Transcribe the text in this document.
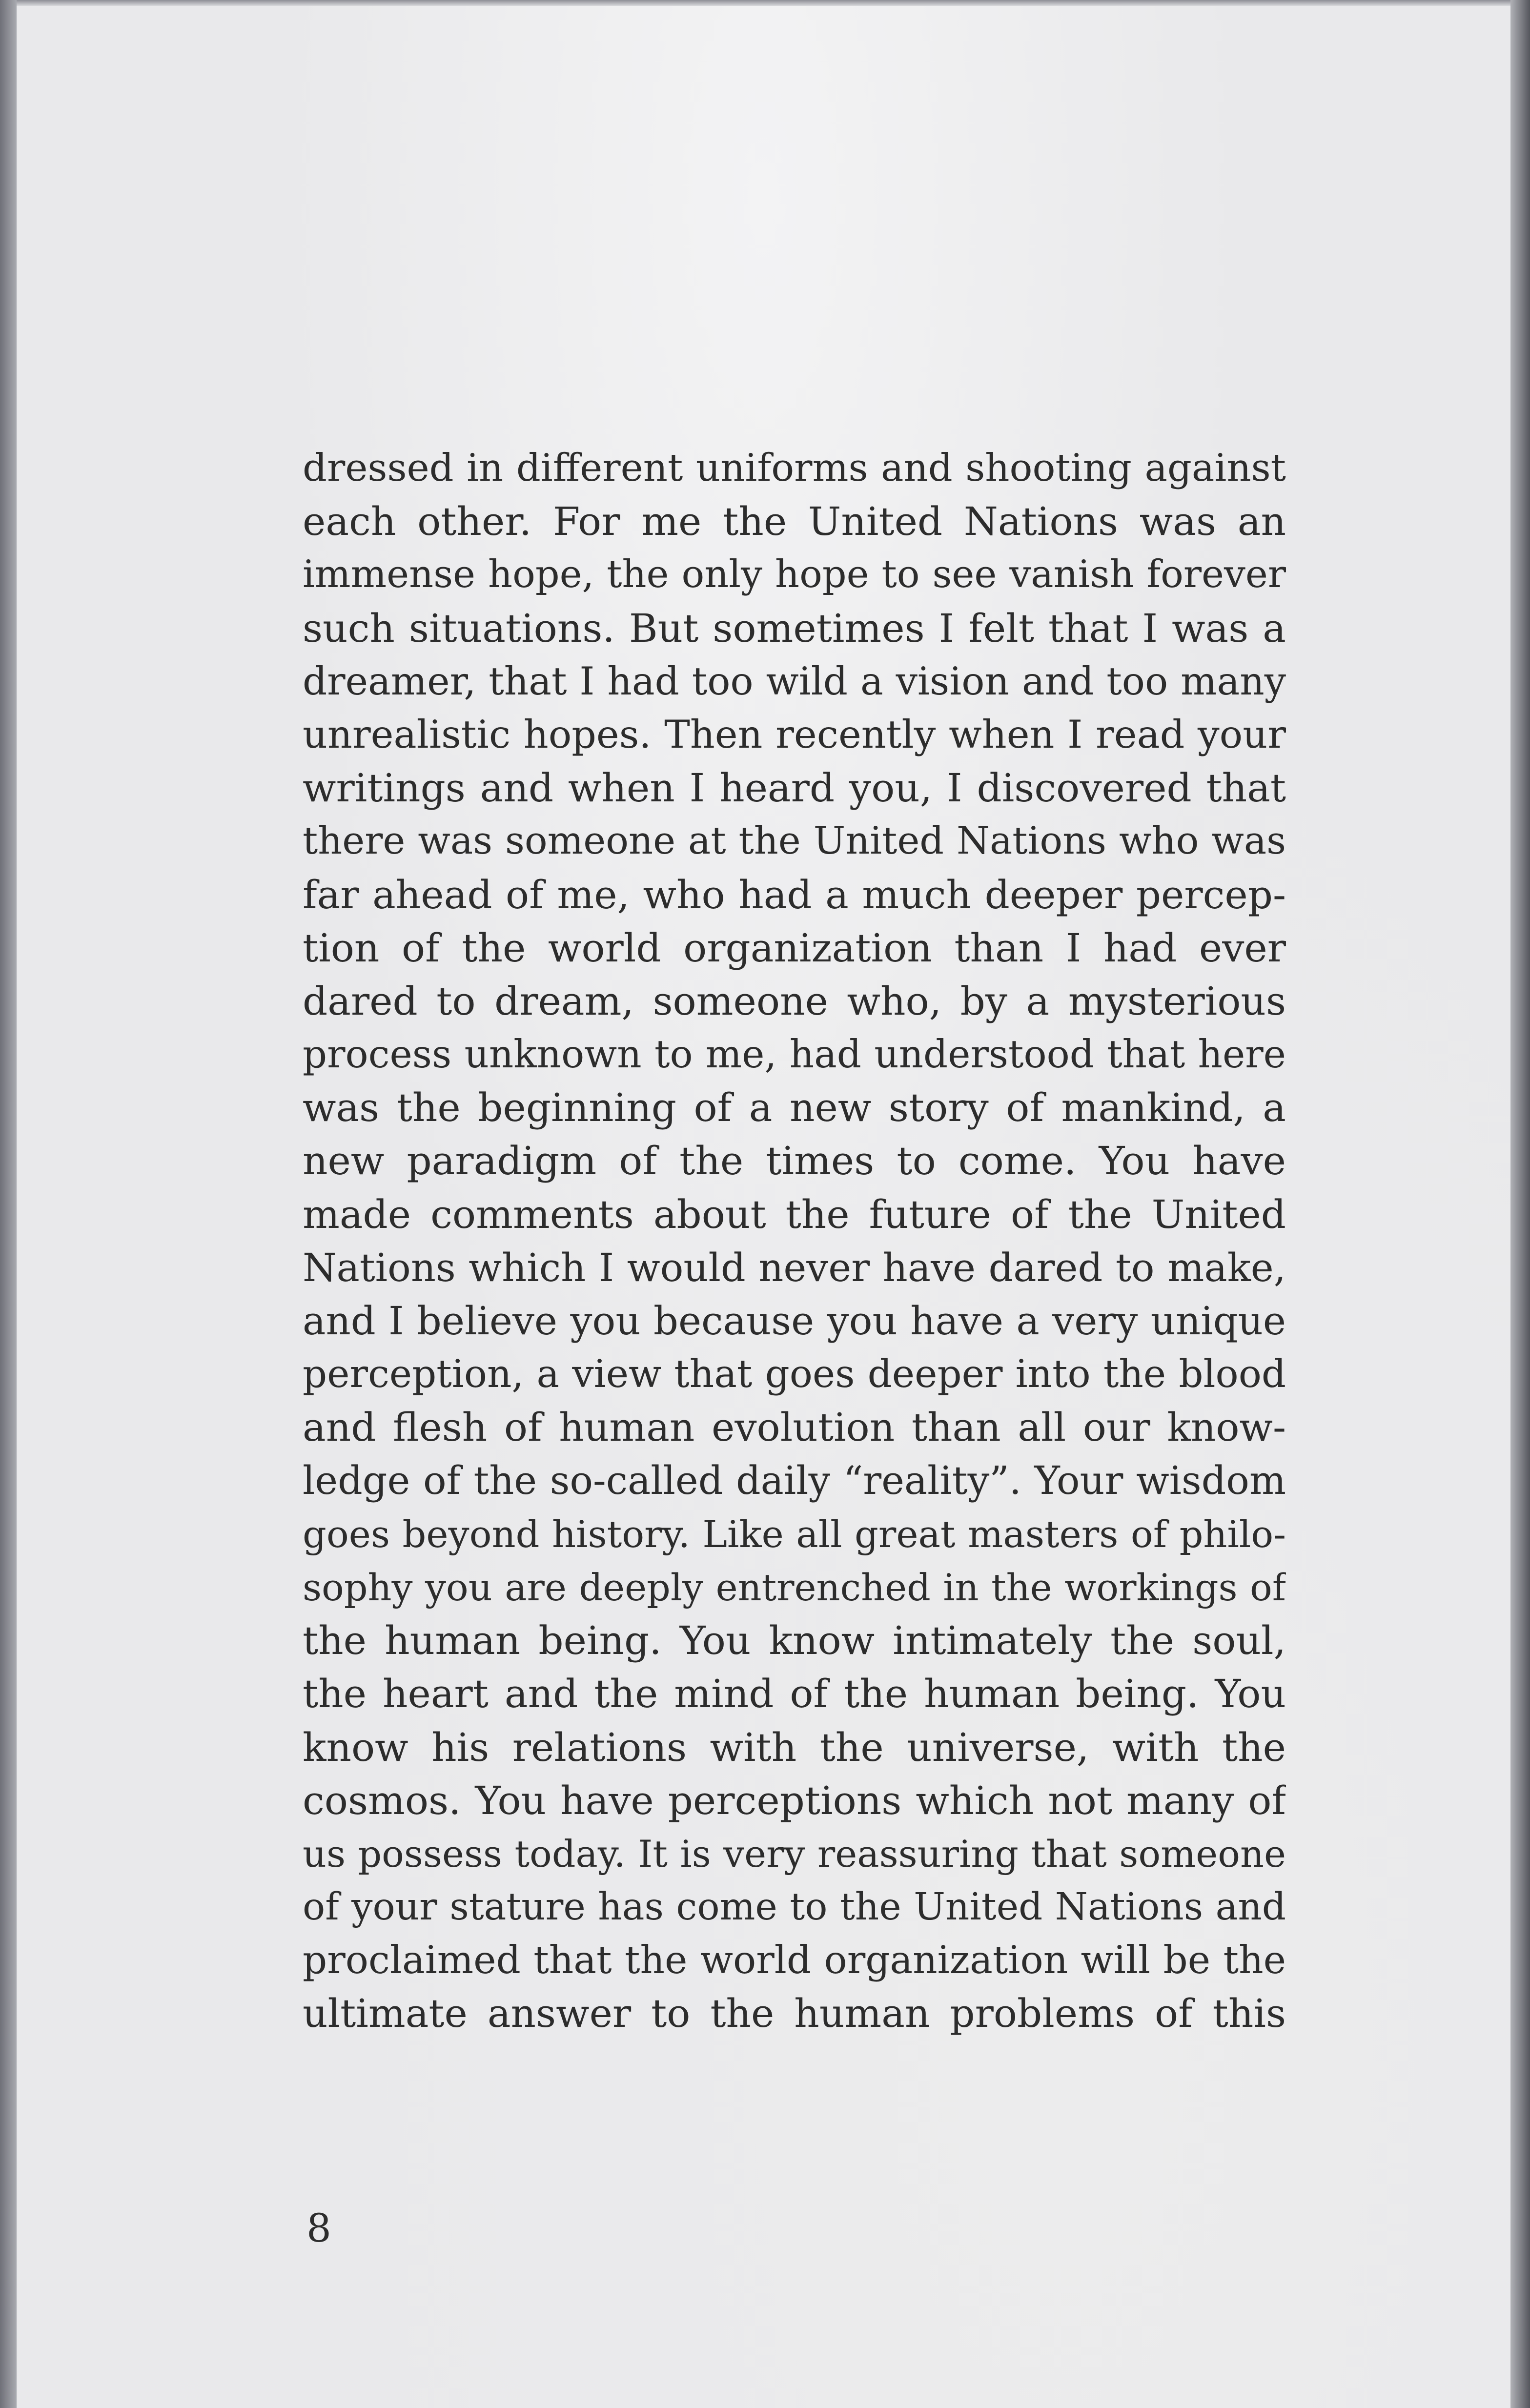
dressed in different uniforms and shooting against
each other. For me the United Nations was an
immense hope, the only hope to see vanish forever
such situations. But sometimes I felt that I was a
dreamer, that I had too wild a vision and too many
unrealistic hopes. Then recently when I read your
writings and when I heard you, I discovered that
there was someone at the United Nations who was
far ahead of me, who had a much deeper percep-
tion of the world organization than I had ever
dared to dream, someone who, by a mysterious
process unknown to me, had understood that here
was the beginning of a new story of mankind, a
new paradigm of the times to come. You have
made comments about the future of the United
Nations which I would never have dared to make,
and I believe you because you have a very unique
perception, a view that goes deeper into the blood
and flesh of human evolution than all our know-
ledge of the so-called daily “reality”. Your wisdom
goes beyond history. Like all great masters of philo-
sophy you are deeply entrenched in the workings of
the human being. You know intimately the soul,
the heart and the mind of the human being. You
know his relations with the universe, with the
cosmos. You have perceptions which not many of
us possess today. It is very reassuring that someone
of your stature has come to the United Nations and
proclaimed that the world organization will be the
ultimate answer to the human problems of this
8
